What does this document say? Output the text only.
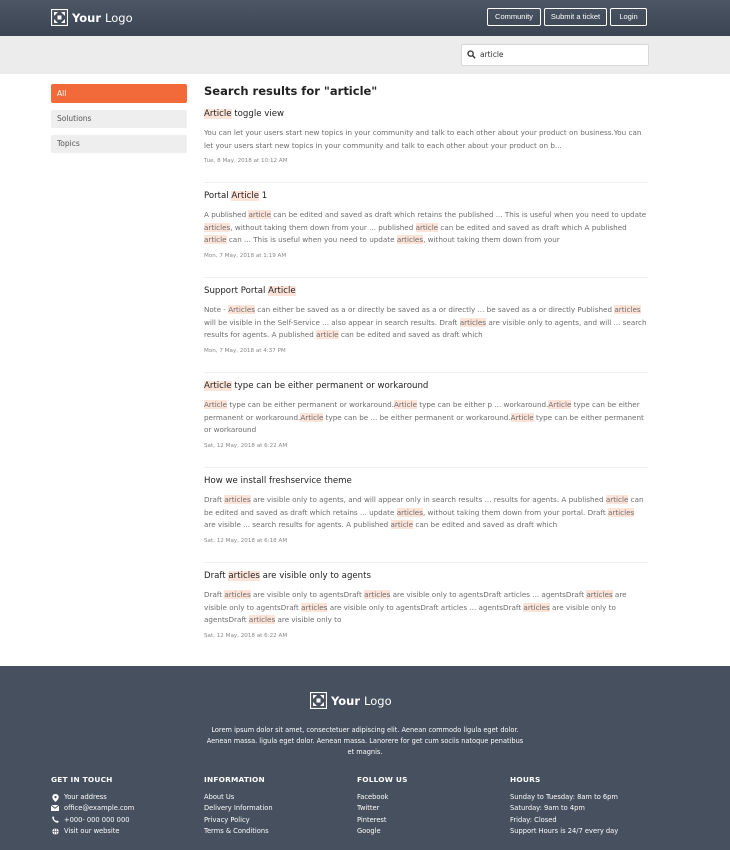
Your Logo	Community	Submit a ticket	Login
article
All
Solutions
Topics
Search results for "article"
Article toggle view
You can let your users start new topics in your community and talk to each other about your product on business.You can let your users start new topics in your community and talk to each other about your product on b...
Tue, 8 May, 2018 at 10:12 AM
Portal Article 1
A published article can be edited and saved as draft which retains the published ... This is useful when you need to update articles, without taking them down from your ... published article can be edited and saved as draft which A published article can ... This is useful when you need to update articles, without taking them down from your
Mon, 7 May, 2018 at 1:19 AM
Support Portal Article
Note - Articles can either be saved as a or directly be saved as a or directly ... be saved as a or directly Published articles will be visible in the Self-Service ... also appear in search results. Draft articles are visible only to agents, and will ... search results for agents. A published article can be edited and saved as draft which
Mon, 7 May, 2018 at 4:37 PM
Article type can be either permanent or workaround
Article type can be either permanent or workaround.Article type can be either p ... workaround.Article type can be either permanent or workaround.Article type can be ... be either permanent or workaround.Article type can be either permanent or workaround
Sat, 12 May, 2018 at 6:22 AM
How we install freshservice theme
Draft articles are visible only to agents, and will appear only in search results ... results for agents. A published article can be edited and saved as draft which retains ... update articles, without taking them down from your portal. Draft articles are visible ... search results for agents. A published article can be edited and saved as draft which
Sat, 12 May, 2018 at 6:18 AM
Draft articles are visible only to agents
Draft articles are visible only to agentsDraft articles are visible only to agentsDraft articles ... agentsDraft articles are visible only to agentsDraft articles are visible only to agentsDraft articles ... agentsDraft articles are visible only to agentsDraft articles are visible only to
Sat, 12 May, 2018 at 6:22 AM
Your Logo

Lorem ipsum dolor sit amet, consectetuer adipiscing elit. Aenean commodo ligula eget dolor. Aenean massa. ligula eget dolor. Aenean massa. Lanorere for get cum sociis natoque penatibus et magnis.

GET IN TOUCH
Your address
office@example.com
+000- 000 000 000
Visit our website
INFORMATION
About Us
Delivery Information
Privacy Policy
Terms & Conditions
FOLLOW US
Facebook
Twitter
Pinterest
Google
HOURS
Sunday to Tuesday: 8am to 6pm
Saturday: 9am to 4pm
Friday: Closed
Support Hours is 24/7 every day
